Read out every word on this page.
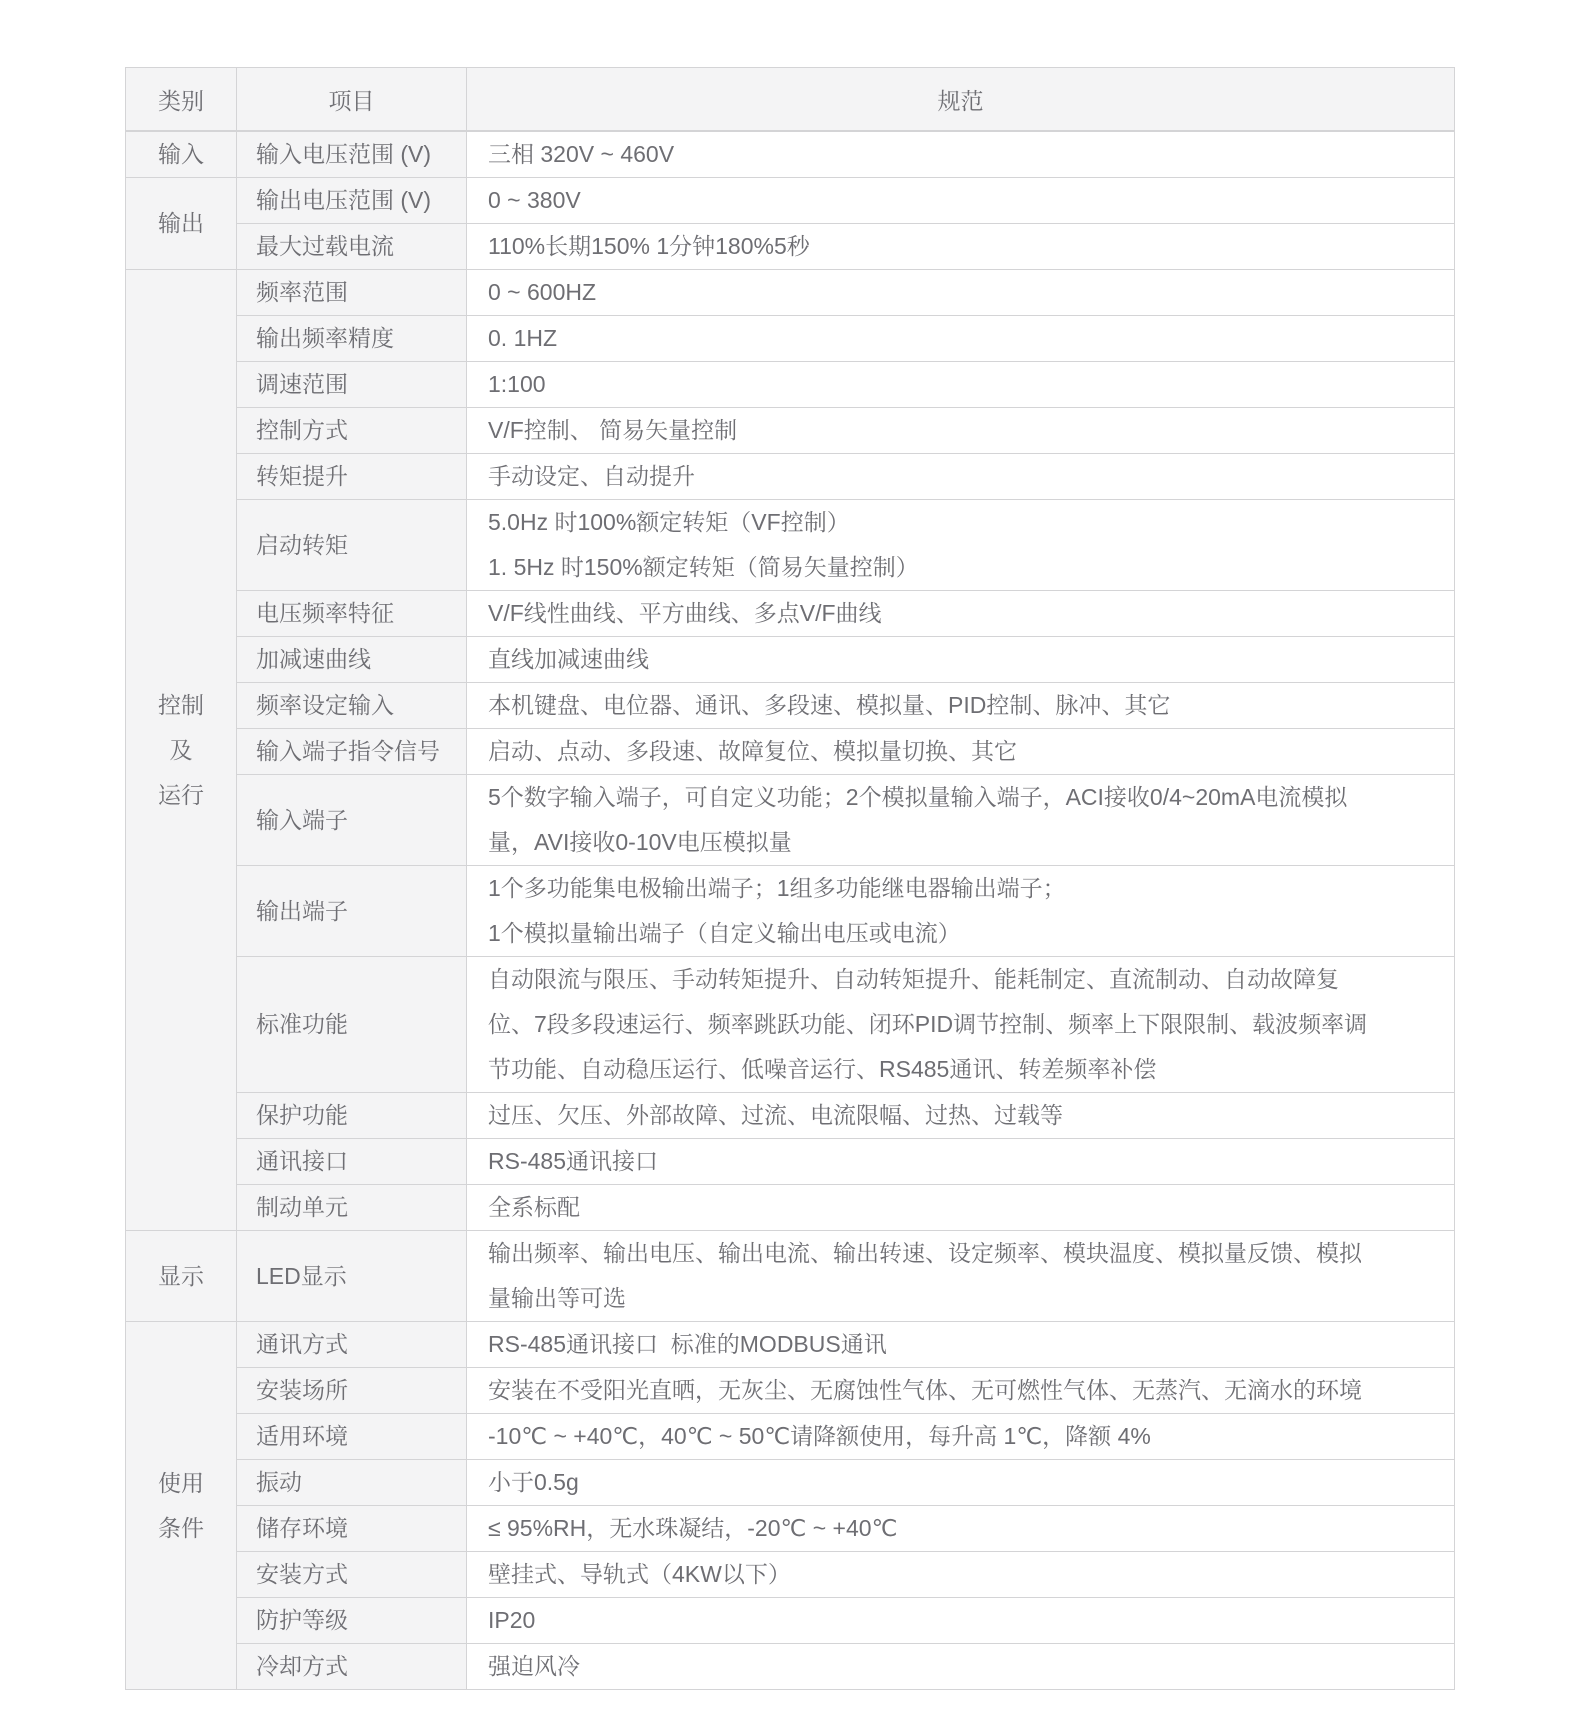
类别	项目	规范

输入	输入电压范围 (V)	三相 320V ~ 460V

输出	输出电压范围 (V)	0 ~ 380V

	最大过载电流	110%长期150% 1分钟180%5秒

控制
及
运行	频率范围	0 ~ 600HZ

	输出频率精度	0. 1HZ

	调速范围	1:100

	控制方式	V/F控制、 简易矢量控制

	转矩提升	手动设定、自动提升

	启动转矩	5.0Hz 时100%额定转矩（VF控制）
1. 5Hz 时150%额定转矩（简易矢量控制）

	电压频率特征	V/F线性曲线、平方曲线、多点V/F曲线

	加减速曲线	直线加减速曲线

	频率设定输入	本机键盘、电位器、通讯、多段速、模拟量、PID控制、脉冲、其它

	输入端子指令信号	启动、点动、多段速、故障复位、模拟量切换、其它

	输入端子	5个数字输入端子，可自定义功能；2个模拟量输入端子，ACI接收0/4~20mA电流模拟
量，AVI接收0-10V电压模拟量

	输出端子	1个多功能集电极输出端子；1组多功能继电器输出端子；
1个模拟量输出端子（自定义输出电压或电流）

	标准功能	自动限流与限压、手动转矩提升、自动转矩提升、能耗制定、直流制动、自动故障复
位、7段多段速运行、频率跳跃功能、闭环PID调节控制、频率上下限限制、载波频率调
节功能、自动稳压运行、低噪音运行、RS485通讯、转差频率补偿

	保护功能	过压、欠压、外部故障、过流、电流限幅、过热、过载等

	通讯接口	RS-485通讯接口

	制动单元	全系标配

显示	LED显示	输出频率、输出电压、输出电流、输出转速、设定频率、模块温度、模拟量反馈、模拟
量输出等可选

使用
条件	通讯方式	RS-485通讯接口  标准的MODBUS通讯

	安装场所	安装在不受阳光直晒，无灰尘、无腐蚀性气体、无可燃性气体、无蒸汽、无滴水的环境

	适用环境	-10℃ ~ +40℃，40℃ ~ 50℃请降额使用，每升高 1℃，降额 4%

	振动	小于0.5g

	储存环境	≤ 95%RH，无水珠凝结，-20℃ ~ +40℃

	安装方式	壁挂式、导轨式（4KW以下）

	防护等级	IP20

	冷却方式	强迫风冷
